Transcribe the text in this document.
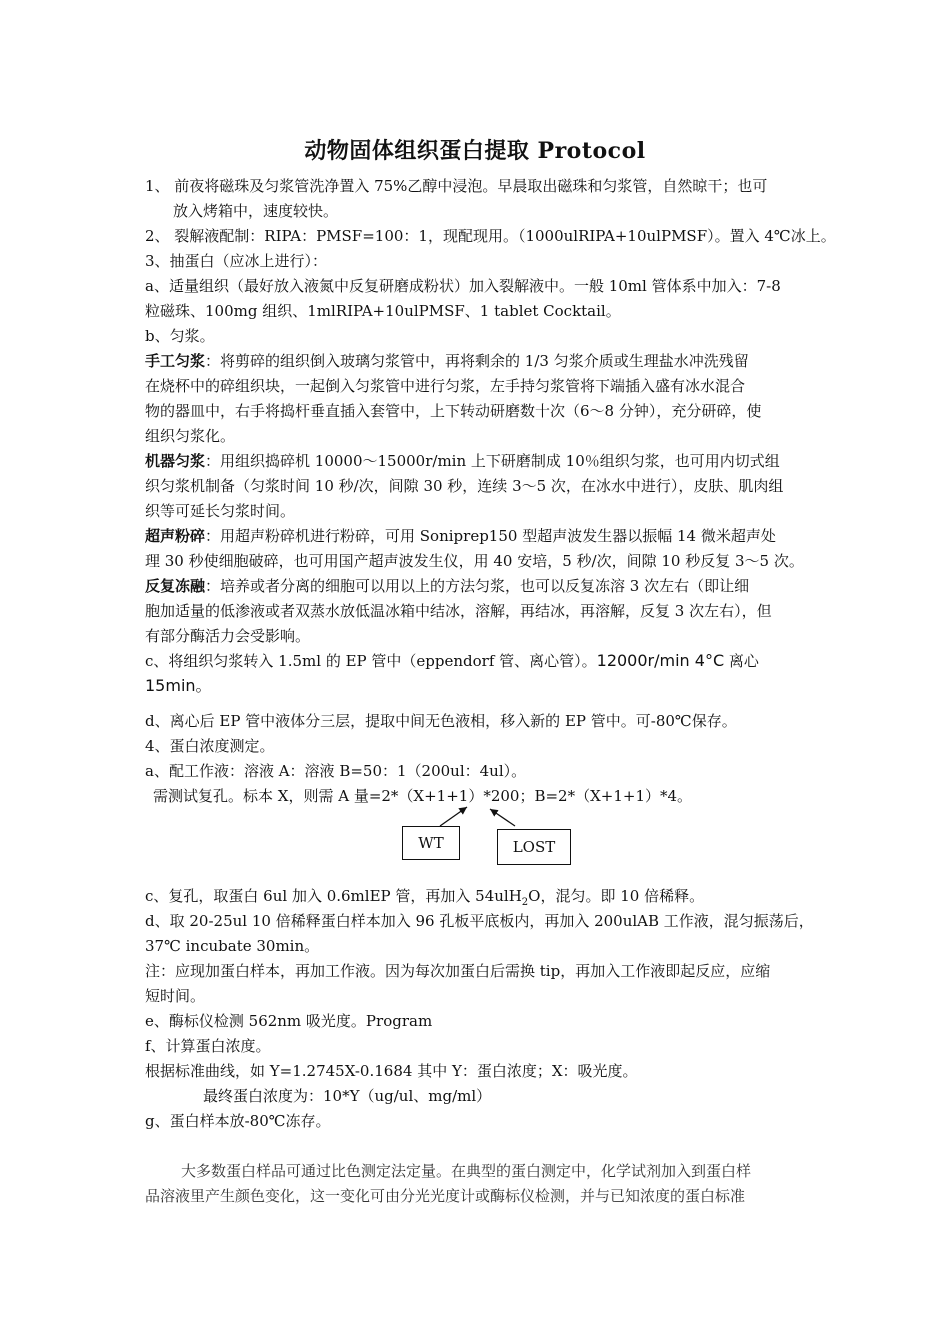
动物固体组织蛋白提取 Protocol
1、 前夜将磁珠及匀浆管洗净置入 75%乙醇中浸泡。早晨取出磁珠和匀浆管，自然晾干；也可
放入烤箱中，速度较快。
2、 裂解液配制：RIPA：PMSF=100：1，现配现用。（1000ulRIPA+10ulPMSF）。置入 4℃冰上。
3、抽蛋白（应冰上进行）：
a、适量组织（最好放入液氮中反复研磨成粉状）加入裂解液中。一般 10ml 管体系中加入：7-8
粒磁珠、100mg 组织、1mlRIPA+10ulPMSF、1 tablet Cocktail。
b、匀浆。
手工匀浆：将剪碎的组织倒入玻璃匀浆管中，再将剩余的 1/3 匀浆介质或生理盐水冲洗残留
在烧杯中的碎组织块，一起倒入匀浆管中进行匀浆，左手持匀浆管将下端插入盛有冰水混合
物的器皿中，右手将捣杆垂直插入套管中，上下转动研磨数十次（6～8 分钟），充分研碎，使
组织匀浆化。
机器匀浆：用组织捣碎机 10000～15000r/min 上下研磨制成 10％组织匀浆，也可用内切式组
织匀浆机制备（匀浆时间 10 秒/次，间隙 30 秒，连续 3～5 次，在冰水中进行），皮肤、肌肉组
织等可延长匀浆时间。
超声粉碎：用超声粉碎机进行粉碎，可用 Soniprep150 型超声波发生器以振幅 14 微米超声处
理 30 秒使细胞破碎，也可用国产超声波发生仪，用 40 安培，5 秒/次，间隙 10 秒反复 3～5 次。
反复冻融：培养或者分离的细胞可以用以上的方法匀浆，也可以反复冻溶 3 次左右（即让细
胞加适量的低渗液或者双蒸水放低温冰箱中结冰，溶解，再结冰，再溶解，反复 3 次左右），但
有部分酶活力会受影响。
c、将组织匀浆转入 1.5ml 的 EP 管中（eppendorf 管、离心管）。12000r/min 4°C 离心
15min。
d、离心后 EP 管中液体分三层，提取中间无色液相，移入新的 EP 管中。可-80℃保存。
4、蛋白浓度测定。
a、配工作液：溶液 A：溶液 B=50：1（200ul：4ul）。
需测试复孔。标本 X，则需 A 量=2*（X+1+1）*200；B=2*（X+1+1）*4。
WT	LOST
c、复孔，取蛋白 6ul 加入 0.6mlEP 管，再加入 54ulH$_2$O，混匀。即 10 倍稀释。
d、取 20-25ul 10 倍稀释蛋白样本加入 96 孔板平底板内，再加入 200ulAB 工作液，混匀振荡后，
37℃ incubate 30min。
注：应现加蛋白样本，再加工作液。因为每次加蛋白后需换 tip，再加入工作液即起反应，应缩
短时间。
e、酶标仪检测 562nm 吸光度。Program
f、计算蛋白浓度。
根据标准曲线，如 Y=1.2745X-0.1684 其中 Y：蛋白浓度；X：吸光度。
最终蛋白浓度为：10*Y（ug/ul、mg/ml）
g、蛋白样本放-80℃冻存。
大多数蛋白样品可通过比色测定法定量。在典型的蛋白测定中，化学试剂加入到蛋白样
品溶液里产生颜色变化，这一变化可由分光光度计或酶标仪检测，并与已知浓度的蛋白标准
